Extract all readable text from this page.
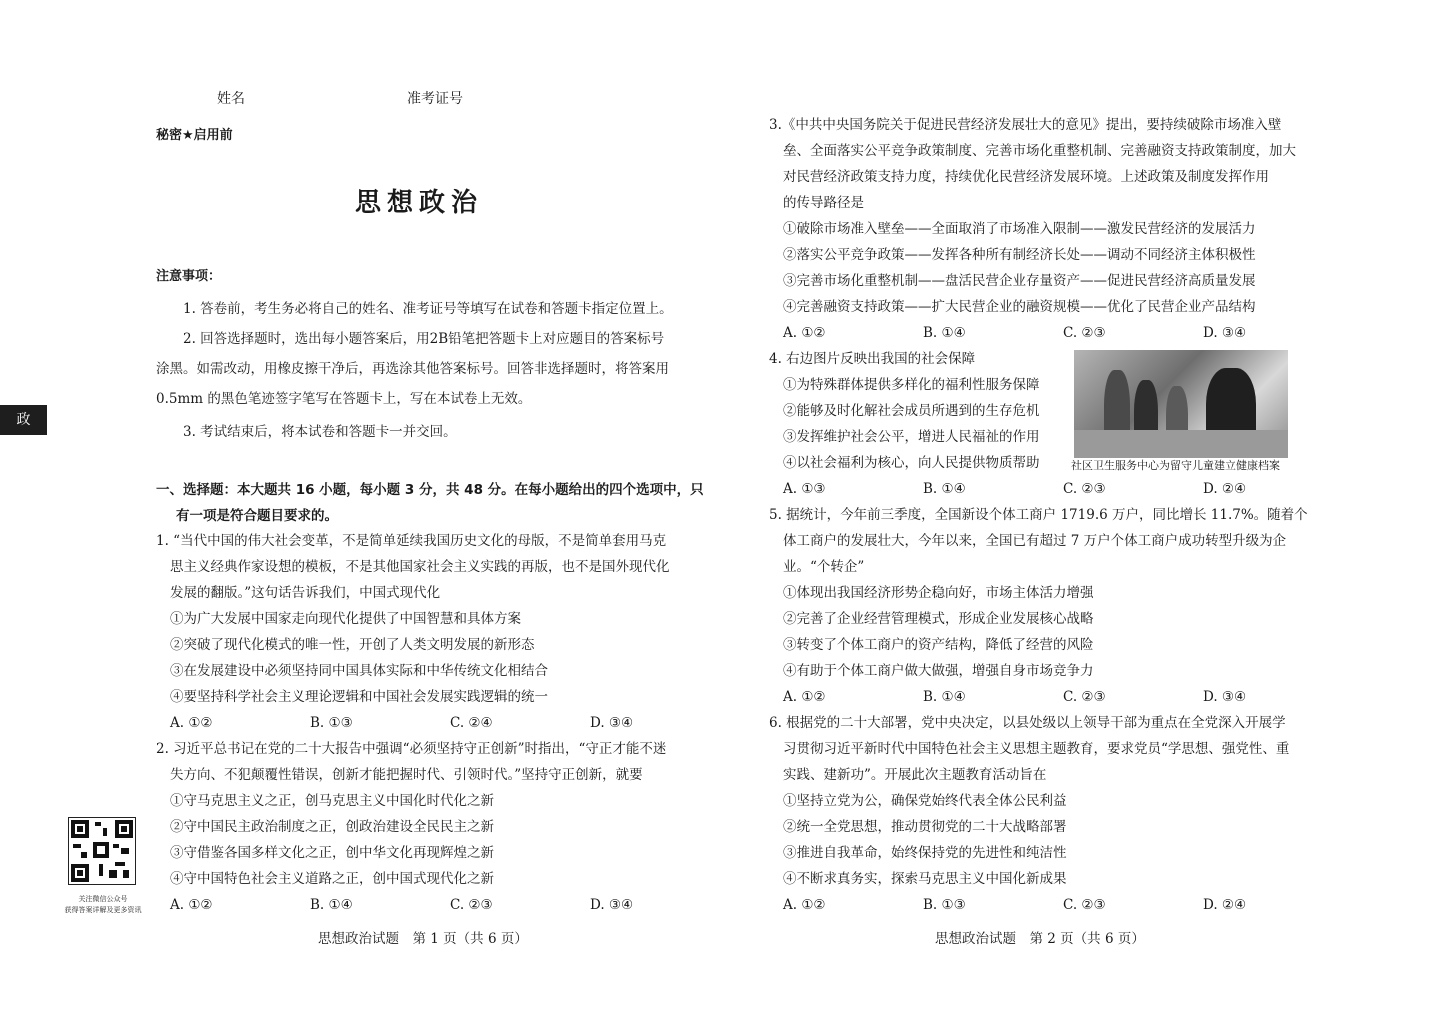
姓名	准考证号
秘密★启用前
思想政治
政
注意事项：
1. 答卷前，考生务必将自己的姓名、准考证号等填写在试卷和答题卡指定位置上。
2. 回答选择题时，选出每小题答案后，用2B铅笔把答题卡上对应题目的答案标号
涂黑。如需改动，用橡皮擦干净后，再选涂其他答案标号。回答非选择题时，将答案用
0.5mm 的黑色笔迹签字笔写在答题卡上，写在本试卷上无效。
3. 考试结束后，将本试卷和答题卡一并交回。
一、选择题：本大题共 16 小题，每小题 3 分，共 48 分。在每小题给出的四个选项中，只
有一项是符合题目要求的。
1. “当代中国的伟大社会变革，不是简单延续我国历史文化的母版，不是简单套用马克
思主义经典作家设想的模板，不是其他国家社会主义实践的再版，也不是国外现代化
发展的翻版。”这句话告诉我们，中国式现代化
①为广大发展中国家走向现代化提供了中国智慧和具体方案
②突破了现代化模式的唯一性，开创了人类文明发展的新形态
③在发展建设中必须坚持同中国具体实际和中华传统文化相结合
④要坚持科学社会主义理论逻辑和中国社会发展实践逻辑的统一
A. ①②	B. ①③	C. ②④	D. ③④
2. 习近平总书记在党的二十大报告中强调“必须坚持守正创新”时指出，“守正才能不迷
失方向、不犯颠覆性错误，创新才能把握时代、引领时代。”坚持守正创新，就要
①守马克思主义之正，创马克思主义中国化时代化之新
②守中国民主政治制度之正，创政治建设全民民主之新
③守借鉴各国多样文化之正，创中华文化再现辉煌之新
④守中国特色社会主义道路之正，创中国式现代化之新
A. ①②	B. ①④	C. ②③	D. ③④
关注微信公众号
获得答案详解及更多资讯
思想政治试题　第 1 页（共 6 页）
3.《中共中央国务院关于促进民营经济发展壮大的意见》提出，要持续破除市场准入壁
垒、全面落实公平竞争政策制度、完善市场化重整机制、完善融资支持政策制度，加大
对民营经济政策支持力度，持续优化民营经济发展环境。上述政策及制度发挥作用
的传导路径是
①破除市场准入壁垒——全面取消了市场准入限制——激发民营经济的发展活力
②落实公平竞争政策——发挥各种所有制经济长处——调动不同经济主体积极性
③完善市场化重整机制——盘活民营企业存量资产——促进民营经济高质量发展
④完善融资支持政策——扩大民营企业的融资规模——优化了民营企业产品结构
A. ①②	B. ①④	C. ②③	D. ③④
4. 右边图片反映出我国的社会保障
①为特殊群体提供多样化的福利性服务保障
②能够及时化解社会成员所遇到的生存危机
③发挥维护社会公平，增进人民福祉的作用
④以社会福利为核心，向人民提供物质帮助	社区卫生服务中心为留守儿童建立健康档案
A. ①③	B. ①④	C. ②③	D. ②④
5. 据统计，今年前三季度，全国新设个体工商户 1719.6 万户，同比增长 11.7%。随着个
体工商户的发展壮大，今年以来，全国已有超过 7 万户个体工商户成功转型升级为企
业。“个转企”
①体现出我国经济形势企稳向好，市场主体活力增强
②完善了企业经营管理模式，形成企业发展核心战略
③转变了个体工商户的资产结构，降低了经营的风险
④有助于个体工商户做大做强，增强自身市场竞争力
A. ①②	B. ①④	C. ②③	D. ③④
6. 根据党的二十大部署，党中央决定，以县处级以上领导干部为重点在全党深入开展学
习贯彻习近平新时代中国特色社会主义思想主题教育，要求党员“学思想、强党性、重
实践、建新功”。开展此次主题教育活动旨在
①坚持立党为公，确保党始终代表全体公民利益
②统一全党思想，推动贯彻党的二十大战略部署
③推进自我革命，始终保持党的先进性和纯洁性
④不断求真务实，探索马克思主义中国化新成果
A. ①②	B. ①③	C. ②③	D. ②④
思想政治试题　第 2 页（共 6 页）
